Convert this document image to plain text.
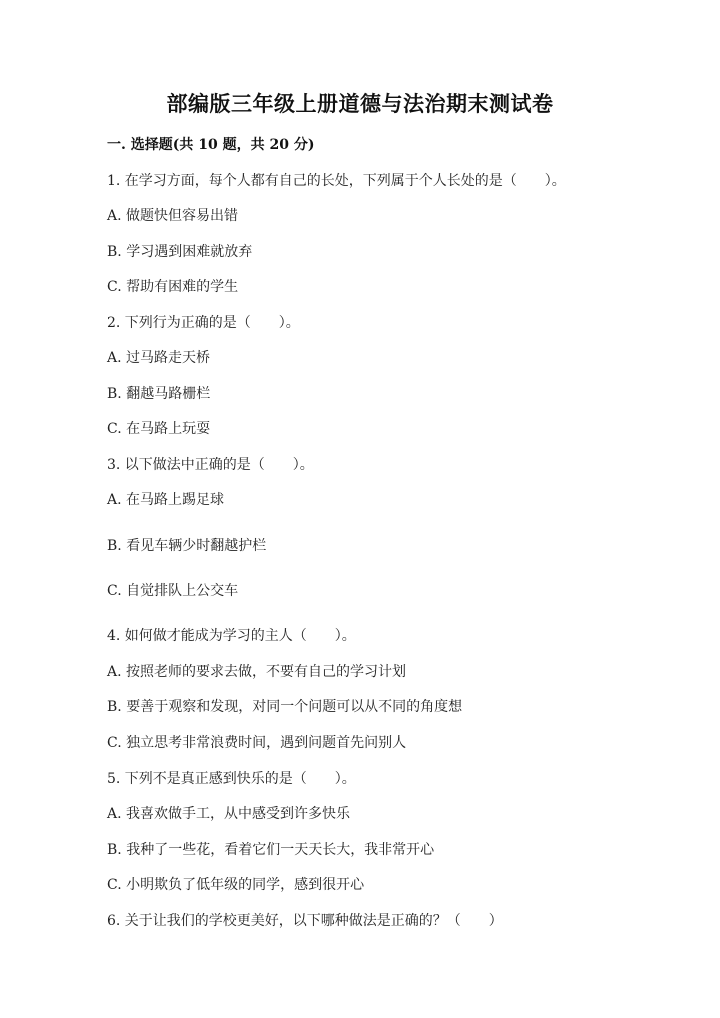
部编版三年级上册道德与法治期末测试卷
一. 选择题(共 10 题，共 20 分)
1. 在学习方面，每个人都有自己的长处，下列属于个人长处的是（　　）。
A. 做题快但容易出错
B. 学习遇到困难就放弃
C. 帮助有困难的学生
2. 下列行为正确的是（　　）。
A. 过马路走天桥
B. 翻越马路栅栏
C. 在马路上玩耍
3. 以下做法中正确的是（　　）。
A. 在马路上踢足球
B. 看见车辆少时翻越护栏
C. 自觉排队上公交车
4. 如何做才能成为学习的主人（　　）。
A. 按照老师的要求去做，不要有自己的学习计划
B. 要善于观察和发现，对同一个问题可以从不同的角度想
C. 独立思考非常浪费时间，遇到问题首先问别人
5. 下列不是真正感到快乐的是（　　）。
A. 我喜欢做手工，从中感受到许多快乐
B. 我种了一些花，看着它们一天天长大，我非常开心
C. 小明欺负了低年级的同学，感到很开心
6. 关于让我们的学校更美好，以下哪种做法是正确的？（　　）
